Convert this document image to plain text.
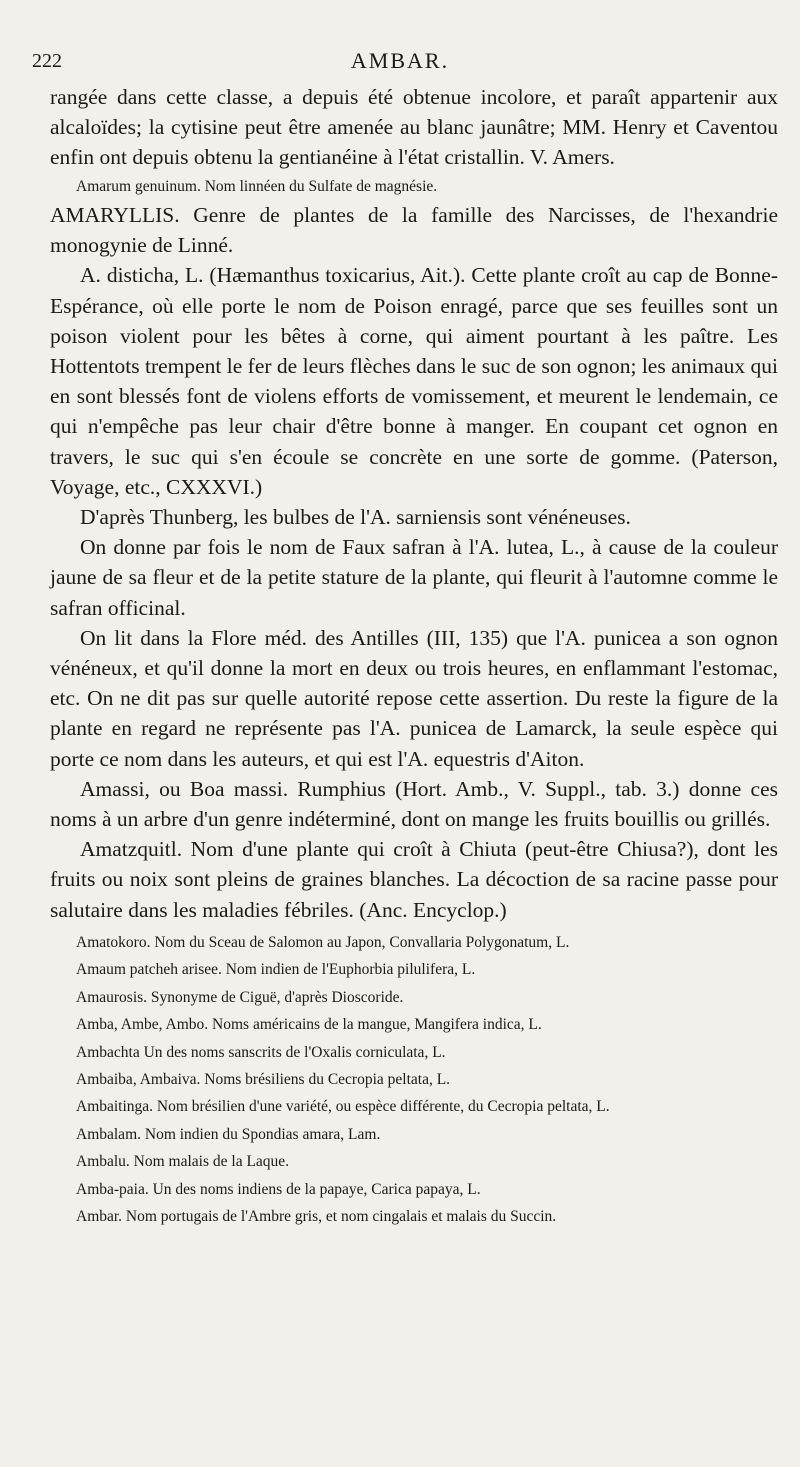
222	AMBAR.

rangée dans cette classe, a depuis été obtenue incolore, et paraît appartenir aux alcaloïdes; la cytisine peut être amenée au blanc jaunâtre; MM. Henry et Caventou enfin ont depuis obtenu la gentianéine à l'état cristallin. V. Amers.

Amarum genuinum. Nom linnéen du Sulfate de magnésie.

AMARYLLIS. Genre de plantes de la famille des Narcisses, de l'hexandrie monogynie de Linné.

A. disticha, L. (Hæmanthus toxicarius, Ait.). Cette plante croît au cap de Bonne-Espérance, où elle porte le nom de Poison enragé, parce que ses feuilles sont un poison violent pour les bêtes à corne, qui aiment pourtant à les paître. Les Hottentots trempent le fer de leurs flèches dans le suc de son ognon; les animaux qui en sont blessés font de violens efforts de vomissement, et meurent le lendemain, ce qui n'empêche pas leur chair d'être bonne à manger. En coupant cet ognon en travers, le suc qui s'en écoule se concrète en une sorte de gomme. (Paterson, Voyage, etc., CXXXVI.)

D'après Thunberg, les bulbes de l'A. sarniensis sont vénéneuses.

On donne par fois le nom de Faux safran à l'A. lutea, L., à cause de la couleur jaune de sa fleur et de la petite stature de la plante, qui fleurit à l'automne comme le safran officinal.

On lit dans la Flore méd. des Antilles (III, 135) que l'A. punicea a son ognon vénéneux, et qu'il donne la mort en deux ou trois heures, en enflammant l'estomac, etc. On ne dit pas sur quelle autorité repose cette assertion. Du reste la figure de la plante en regard ne représente pas l'A. punicea de Lamarck, la seule espèce qui porte ce nom dans les auteurs, et qui est l'A. equestris d'Aiton.

Amassi, ou Boa massi. Rumphius (Hort. Amb., V. Suppl., tab. 3.) donne ces noms à un arbre d'un genre indéterminé, dont on mange les fruits bouillis ou grillés.

Amatzquitl. Nom d'une plante qui croît à Chiuta (peut-être Chiusa?), dont les fruits ou noix sont pleins de graines blanches. La décoction de sa racine passe pour salutaire dans les maladies fébriles. (Anc. Encyclop.)

Amatokoro. Nom du Sceau de Salomon au Japon, Convallaria Polygonatum, L.

Amaum patcheh arisee. Nom indien de l'Euphorbia pilulifera, L.

Amaurosis. Synonyme de Ciguë, d'après Dioscoride.

Amba, Ambe, Ambo. Noms américains de la mangue, Mangifera indica, L.

Ambachta Un des noms sanscrits de l'Oxalis corniculata, L.

Ambaiba, Ambaiva. Noms brésiliens du Cecropia peltata, L.

Ambaitinga. Nom brésilien d'une variété, ou espèce différente, du Cecropia peltata, L.

Ambalam. Nom indien du Spondias amara, Lam.

Ambalu. Nom malais de la Laque.

Amba-paia. Un des noms indiens de la papaye, Carica papaya, L.

Ambar. Nom portugais de l'Ambre gris, et nom cingalais et malais du Succin.
